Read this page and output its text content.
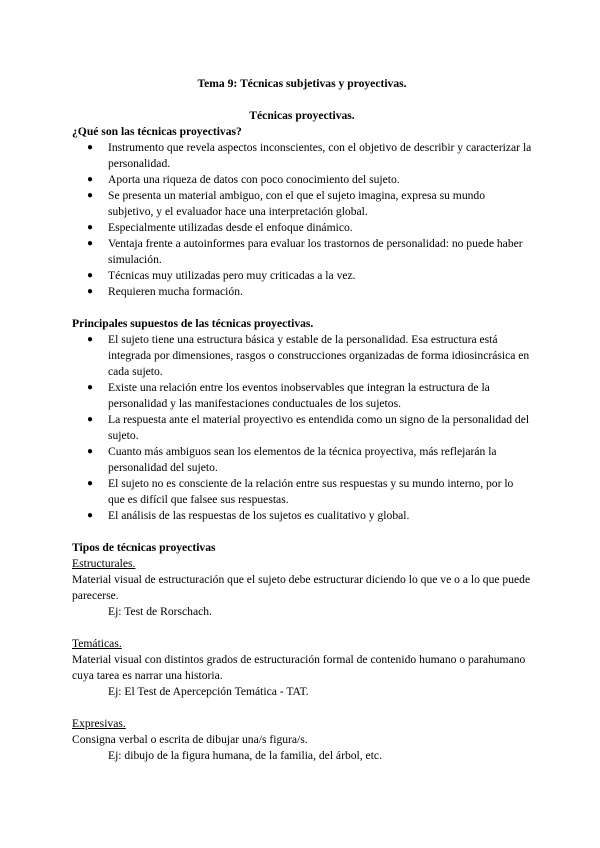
Tema 9: Técnicas subjetivas y proyectivas.

Técnicas proyectivas.

¿Qué son las técnicas proyectivas?

● Instrumento que revela aspectos inconscientes, con el objetivo de describir y caracterizar la personalidad.
● Aporta una riqueza de datos con poco conocimiento del sujeto.
● Se presenta un material ambiguo, con el que el sujeto imagina, expresa su mundo subjetivo, y el evaluador hace una interpretación global.
● Especialmente utilizadas desde el enfoque dinámico.
● Ventaja frente a autoinformes para evaluar los trastornos de personalidad: no puede haber simulación.
● Técnicas muy utilizadas pero muy criticadas a la vez.
● Requieren mucha formación.

Principales supuestos de las técnicas proyectivas.

● El sujeto tiene una estructura básica y estable de la personalidad. Esa estructura está integrada por dimensiones, rasgos o construcciones organizadas de forma idiosincrásica en cada sujeto.
● Existe una relación entre los eventos inobservables que integran la estructura de la personalidad y las manifestaciones conductuales de los sujetos.
● La respuesta ante el material proyectivo es entendida como un signo de la personalidad del sujeto.
● Cuanto más ambiguos sean los elementos de la técnica proyectiva, más reflejarán la personalidad del sujeto.
● El sujeto no es consciente de la relación entre sus respuestas y su mundo interno, por lo que es difícil que falsee sus respuestas.
● El análisis de las respuestas de los sujetos es cualitativo y global.

Tipos de técnicas proyectivas

Estructurales.

Material visual de estructuración que el sujeto debe estructurar diciendo lo que ve o a lo que puede parecerse.

Ej: Test de Rorschach.

Temáticas.

Material visual con distintos grados de estructuración formal de contenido humano o parahumano cuya tarea es narrar una historia.

Ej: El Test de Apercepción Temática - TAT.

Expresivas.

Consigna verbal o escrita de dibujar una/s figura/s.

Ej: dibujo de la figura humana, de la familia, del árbol, etc.
